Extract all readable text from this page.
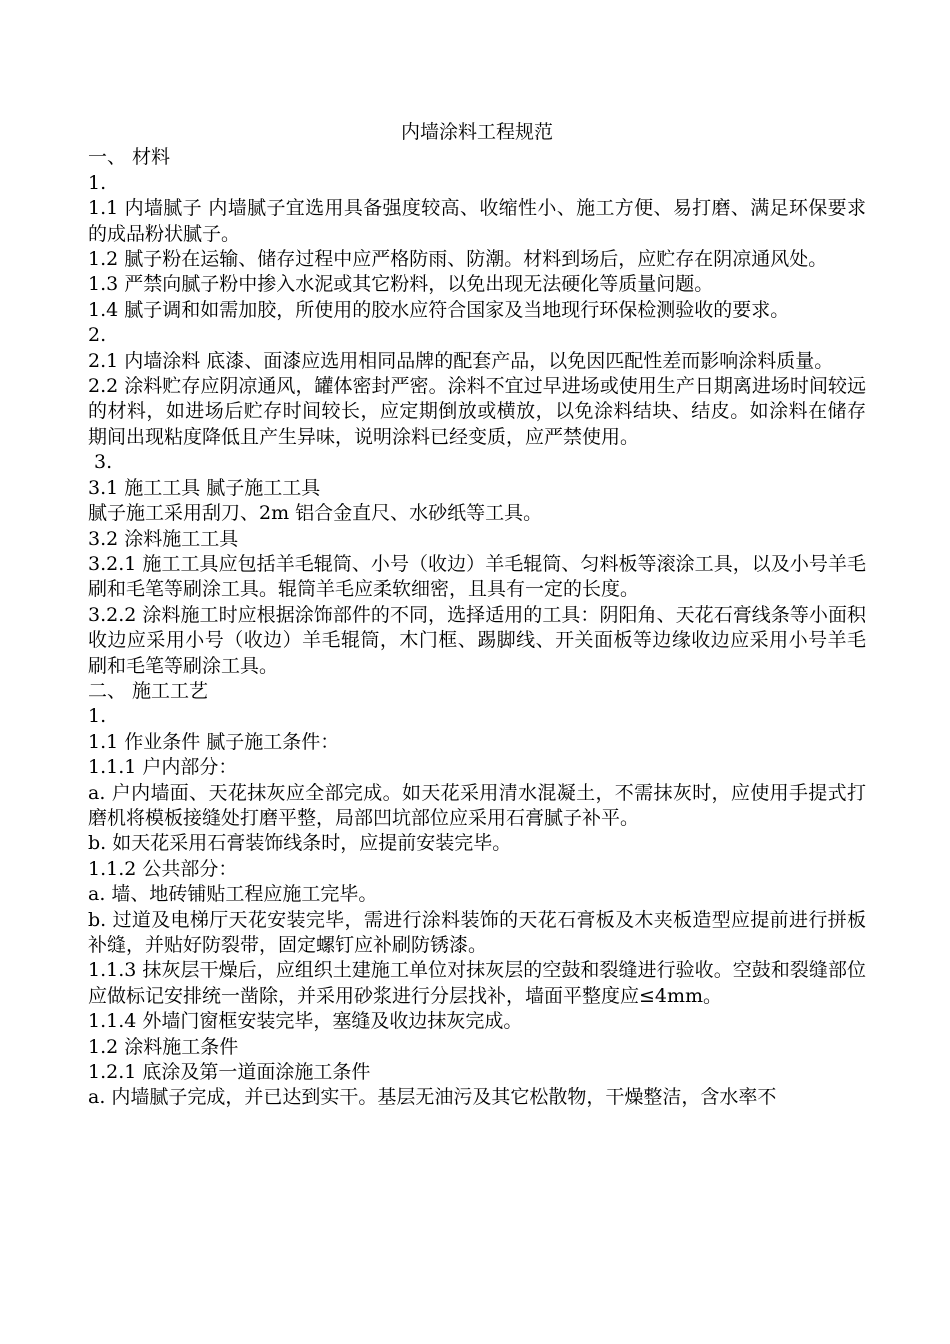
内墙涂料工程规范

一、 材料

1.

1.1 内墙腻子 内墙腻子宜选用具备强度较高、收缩性小、施工方便、易打磨、满足环保要求的成品粉状腻子。

1.2 腻子粉在运输、储存过程中应严格防雨、防潮。材料到场后，应贮存在阴凉通风处。

1.3 严禁向腻子粉中掺入水泥或其它粉料，以免出现无法硬化等质量问题。

1.4 腻子调和如需加胶，所使用的胶水应符合国家及当地现行环保检测验收的要求。

2.

2.1 内墙涂料 底漆、面漆应选用相同品牌的配套产品，以免因匹配性差而影响涂料质量。

2.2 涂料贮存应阴凉通风，罐体密封严密。涂料不宜过早进场或使用生产日期离进场时间较远的材料，如进场后贮存时间较长，应定期倒放或横放，以免涂料结块、结皮。如涂料在储存期间出现粘度降低且产生异味，说明涂料已经变质，应严禁使用。

3.

3.1 施工工具 腻子施工工具

腻子施工采用刮刀、2m 铝合金直尺、水砂纸等工具。

3.2 涂料施工工具

3.2.1 施工工具应包括羊毛辊筒、小号（收边）羊毛辊筒、匀料板等滚涂工具，以及小号羊毛刷和毛笔等刷涂工具。辊筒羊毛应柔软细密，且具有一定的长度。

3.2.2 涂料施工时应根据涂饰部件的不同，选择适用的工具：阴阳角、天花石膏线条等小面积收边应采用小号（收边）羊毛辊筒，木门框、踢脚线、开关面板等边缘收边应采用小号羊毛刷和毛笔等刷涂工具。

二、 施工工艺

1.

1.1 作业条件 腻子施工条件：

1.1.1 户内部分：

a. 户内墙面、天花抹灰应全部完成。如天花采用清水混凝土，不需抹灰时，应使用手提式打磨机将模板接缝处打磨平整，局部凹坑部位应采用石膏腻子补平。

b. 如天花采用石膏装饰线条时，应提前安装完毕。

1.1.2 公共部分：

a. 墙、地砖铺贴工程应施工完毕。

b. 过道及电梯厅天花安装完毕，需进行涂料装饰的天花石膏板及木夹板造型应提前进行拼板补缝，并贴好防裂带，固定螺钉应补刷防锈漆。

1.1.3 抹灰层干燥后，应组织土建施工单位对抹灰层的空鼓和裂缝进行验收。空鼓和裂缝部位应做标记安排统一凿除，并采用砂浆进行分层找补，墙面平整度应≤4mm。

1.1.4 外墙门窗框安装完毕，塞缝及收边抹灰完成。

1.2 涂料施工条件

1.2.1 底涂及第一道面涂施工条件

a. 内墙腻子完成，并已达到实干。基层无油污及其它松散物，干燥整洁，含水率不
